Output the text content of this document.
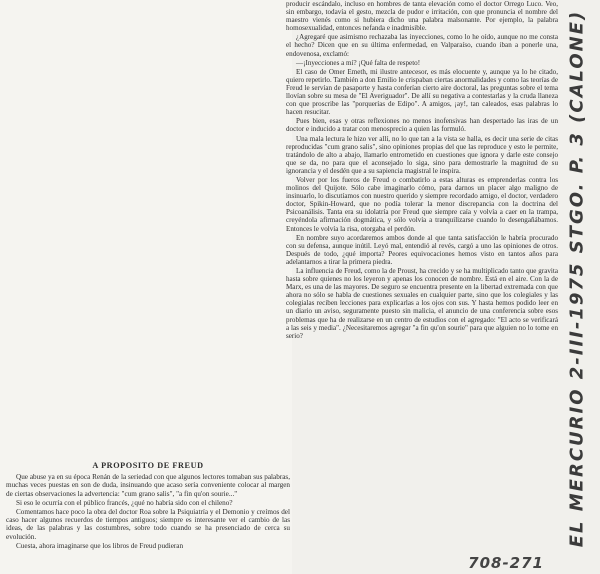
producir escándalo, incluso en hombres de tanta elevación como el doctor Orrego Luco. Veo, sin embargo, todavía el gesto, mezcla de pudor e irritación, con que pronuncia el nombre del maestro vienés como si hubiera dicho una palabra malsonante. Por ejemplo, la palabra homosexualidad, entonces nefanda e inadmisible.

¿Agregaré que asimismo rechazaba las inyecciones, como lo he oído, aunque no me consta el hecho? Dicen que en su última enfermedad, en Valparaíso, cuando iban a ponerle una, endovenosa, exclamó:

—¡Inyecciones a mí? ¡Qué falta de respeto!

El caso de Omer Emeth, mi ilustre antecesor, es más elocuente y, aunque ya lo he citado, quiero repetirlo. También a don Emilio le crispaban ciertas anormalidades y como las teorías de Freud le servían de pasaporte y hasta conferían cierto aire doctoral, las preguntas sobre el tema llovían sobre su mesa de "El Averiguador". De allí su negativa a contestarlas y la cruda llaneza con que proscribe las "porquerías de Edipo". A amigos, ¡ay!, tan caleados, esas palabras lo hacen resucitar.

Pues bien, esas y otras reflexiones no menos inofensivas han despertado las iras de un doctor e inducido a tratar con menosprecio a quien las formuló.

Una mala lectura le hizo ver allí, no lo que tan a la vista se halla, es decir una serie de citas reproducidas "cum grano salis", sino opiniones propias del que las reproduce y esto le permite, tratándolo de alto a abajo, llamarlo entrometido en cuestiones que ignora y darle este consejo que se da, no para que el aconsejado lo siga, sino para demostrarle la magnitud de su ignorancia y el desdén que a su sapiencia magistral le inspira.

Volver por los fueros de Freud o combatirlo a estas alturas es emprenderlas contra los molinos del Quijote. Sólo cabe imaginarlo cómo, para darnos un placer algo maligno de insinuarlo, lo discutíamos con nuestro querido y siempre recordado amigo, el doctor, verdadero doctor, Spikin-Howard, que no podía tolerar la menor discrepancia con la doctrina del Psicoanálisis. Tanta era su idolatría por Freud que siempre caía y volvía a caer en la trampa, creyéndola afirmación dogmática, y sólo volvía a tranquilizarse cuando lo desengañábamos. Entonces le volvía la risa, otorgaba el perdón.

En nombre suyo acordaremos ambos donde al que tanta satisfacción le habría procurado con su defensa, aunque inútil. Leyó mal, entendió al revés, cargó a uno las opiniones de otros. Después de todo, ¿qué importa? Peores equivocaciones hemos visto en tantos años para adelantarnos a tirar la primera piedra.

La influencia de Freud, como la de Proust, ha crecido y se ha multiplicado tanto que gravita hasta sobre quienes no los leyeron y apenas los conocen de nombre. Está en el aire. Con la de Marx, es una de las mayores. De seguro se encuentra presente en la libertad extremada con que ahora no sólo se habla de cuestiones sexuales en cualquier parte, sino que los colegiales y las colegialas reciben lecciones para explicarlas a los ojos con sus. Y hasta hemos podido leer en un diario un aviso, seguramente puesto sin malicia, el anuncio de una conferencia sobre esos problemas que ha de realizarse en un centro de estudios con el agregado: "El acto se verificará a las seis y media". ¿Necesitaremos agregar "a fin qu'on sourie" para que alguien no lo tome en serio?

A PROPOSITO DE FREUD

Que abuse ya en su época Renán de la seriedad con que algunos lectores tomaban sus palabras, muchas veces puestas en son de duda, insinuando que acaso sería conveniente colocar al margen de ciertas observaciones la advertencia: "cum grano salis", "a fin qu'on sourie..."

Si eso le ocurría con el público francés, ¿qué no habría sido con el chileno?

Comentamos hace poco la obra del doctor Roa sobre la Psiquiatría y el Demonio y creímos del caso hacer algunos recuerdos de tiempos antiguos; siempre es interesante ver el cambio de las ideas, de las palabras y las costumbres, sobre todo cuando se ha presenciado de cerca su evolución.

Cuesta, ahora imaginarse que los libros de Freud pudieran	EL MERCURIO 2-III-1975 STGO. P. 3 (CALONE)
708-271
